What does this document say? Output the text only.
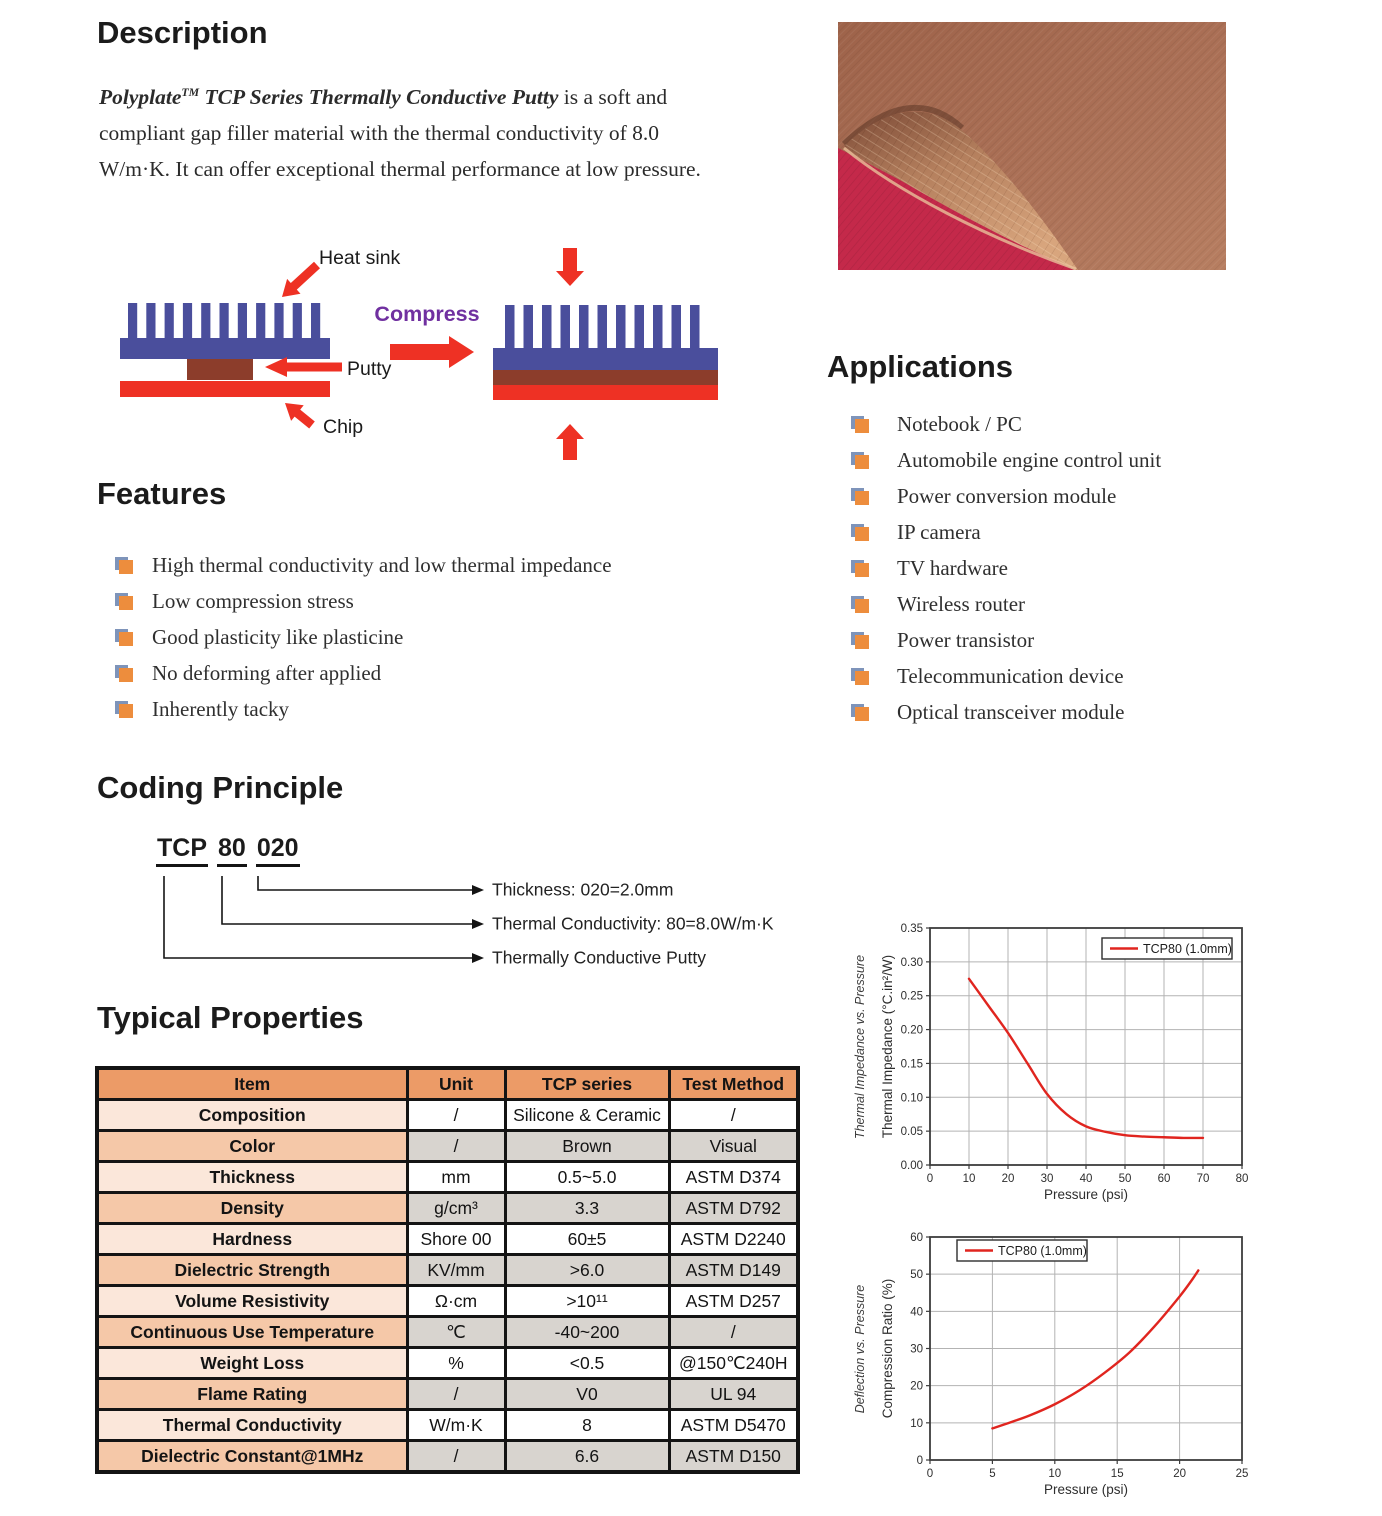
Description
Polyplate™ TCP Series Thermally Conductive Putty is a soft and compliant gap filler material with the thermal conductivity of 8.0 W/m·K. It can offer exceptional thermal performance at low pressure.
Heat sink
Putty
Chip
Compress
Applications
Notebook / PC
Automobile engine control unit
Power conversion module
IP camera
TV hardware
Wireless router
Power transistor
Telecommunication device
Optical transceiver module
Features
High thermal conductivity and low thermal impedance
Low compression stress
Good plasticity like plasticine
No deforming after applied
Inherently tacky
Coding Principle
TCP 80 020
Thickness: 020=2.0mm
Thermal Conductivity: 80=8.0W/m·K
Thermally Conductive Putty
Typical Properties
Item	Unit	TCP series	Test Method
Composition	/	Silicone & Ceramic	/
Color	/	Brown	Visual
Thickness	mm	0.5~5.0	ASTM D374
Density	g/cm³	3.3	ASTM D792
Hardness	Shore 00	60±5	ASTM D2240
Dielectric Strength	KV/mm	>6.0	ASTM D149
Volume Resistivity	Ω·cm	>10¹¹	ASTM D257
Continuous Use Temperature	℃	-40~200	/
Weight Loss	%	<0.5	@150℃240H
Flame Rating	/	V0	UL 94
Thermal Conductivity	W/m·K	8	ASTM D5470
Dielectric Constant@1MHz	/	6.6	ASTM D150
Thermal Impedance vs. Pressure
0	10 20 30 40 50 60 70 80
0.00
0.05
0.10
0.15
0.20
0.25
0.30
0.35
Pressure (psi)
Thermal Impedance (°C.in²/W)
TCP80 (1.0mm)
Deflection vs. Pressure
0	5	10	15	20	25
0
10
20
30
40
50
60
Pressure (psi)
Compression Ratio (%)
TCP80 (1.0mm)
